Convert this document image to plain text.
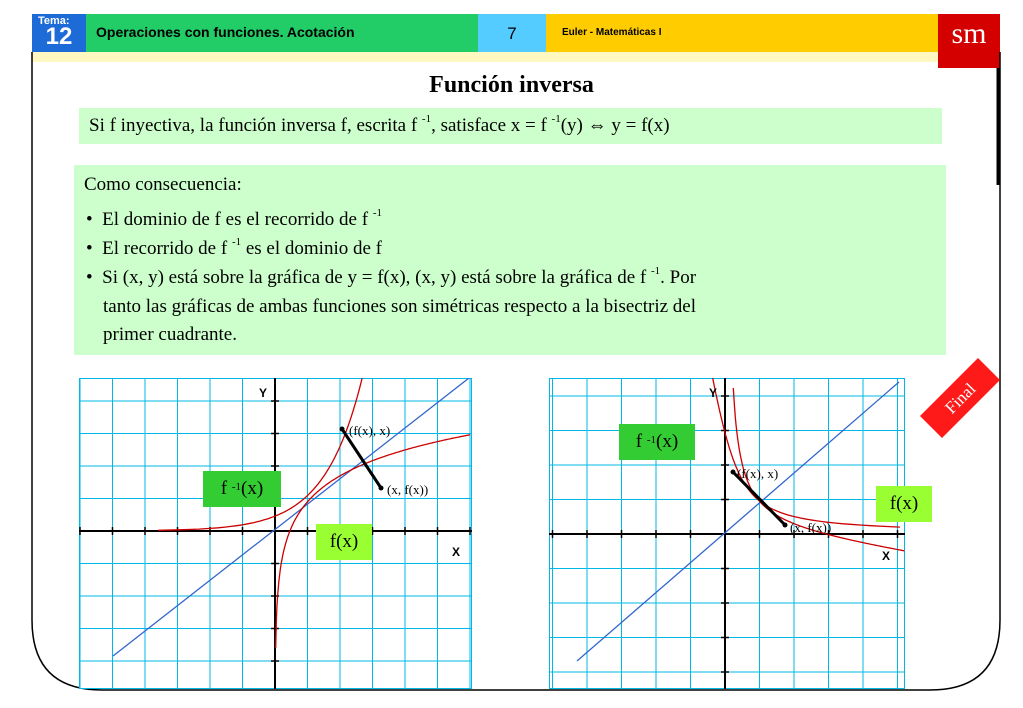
Tema:
12	Operaciones con funciones. Acotación	7	Euler - Matemáticas I	sm
Función inversa
Si f inyectiva, la función inversa f, escrita f $^{-1}$, satisface x = f $^{-1}$(y) ⇔ y = f(x)
Como consecuencia:
• El dominio de f es el recorrido de f $^{-1}$
• El recorrido de f $^{-1}$ es el dominio de f
• Si (x, y) está sobre la gráfica de y = f(x), (x, y) está sobre la gráfica de f $^{-1}$. Por
tanto las gráficas de ambas funciones son simétricas respecto a la bisectriz del
primer cuadrante.
Y
X
(f(x), x)
(x, f(x))
f $^{-1}$(x)
f(x)
Y
X
(f(x), x)
(x, f(x))
f $^{-1}$(x)
f(x)
Final
